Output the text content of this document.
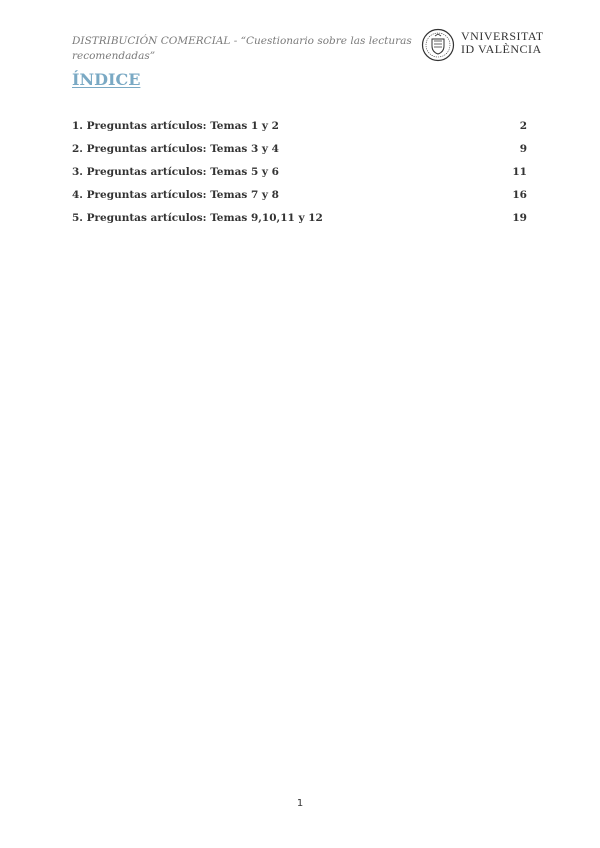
DISTRIBUCIÓN COMERCIAL - “Cuestionario sobre las lecturas
recomendadas”
VNIVERSITAT
ID VALÈNCIA
ÍNDICE
1. Preguntas artículos: Temas 1 y 2	2
2. Preguntas artículos: Temas 3 y 4	9
3. Preguntas artículos: Temas 5 y 6	11
4. Preguntas artículos: Temas 7 y 8	16
5. Preguntas artículos: Temas 9,10,11 y 12	19
1
